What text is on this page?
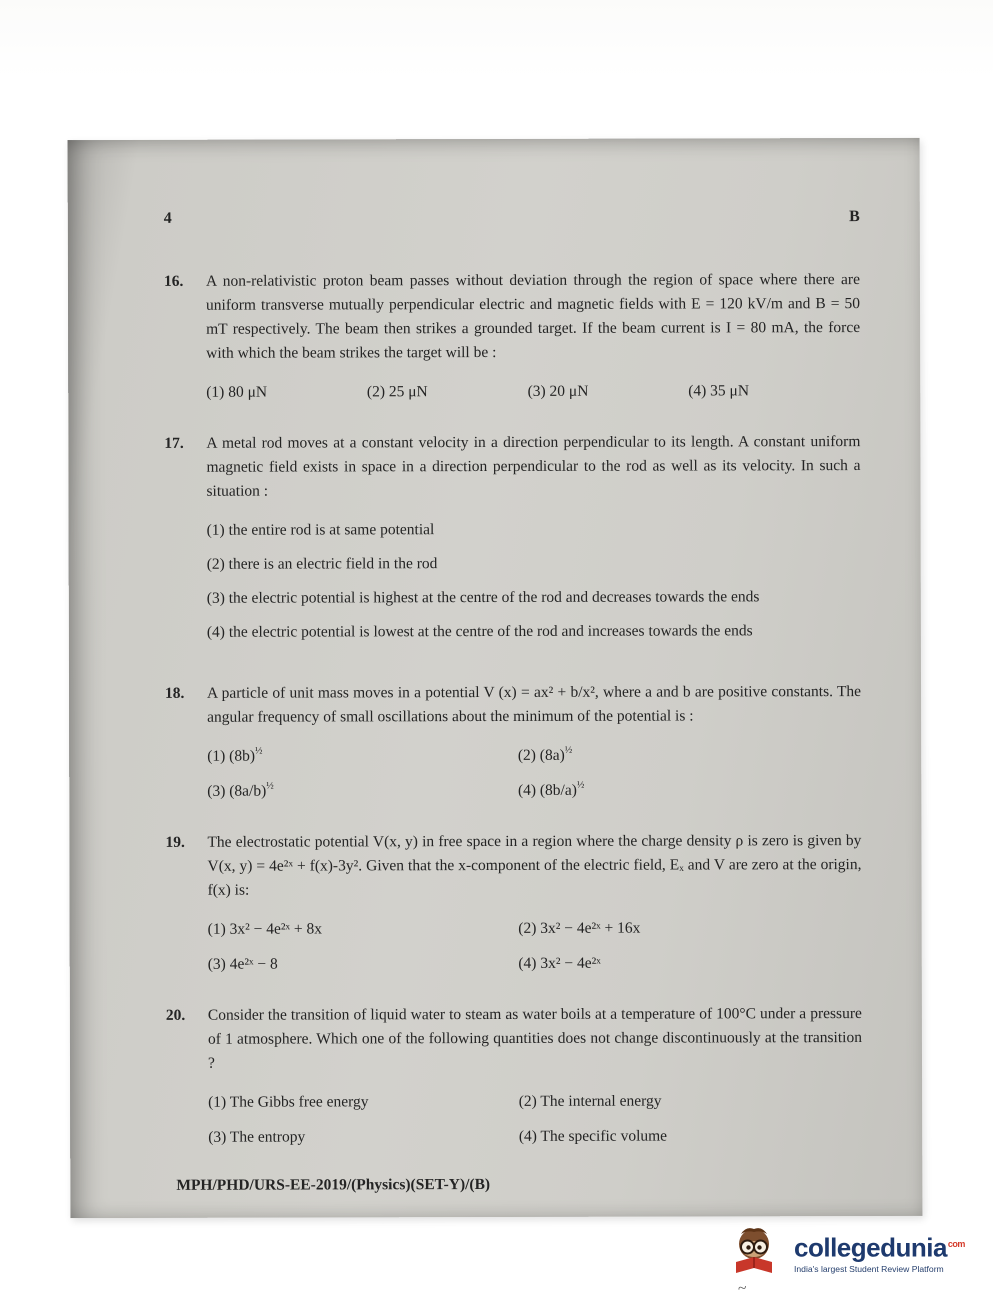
4	B
16.	A non-relativistic proton beam passes without deviation through the region of space where there are uniform transverse mutually perpendicular electric and magnetic fields with E = 120 kV/m and B = 50 mT respectively. The beam then strikes a grounded target. If the beam current is I = 80 mA, the force with which the beam strikes the target will be :

(1) 80 μN	(2) 25 μN	(3) 20 μN	(4) 35 μN
17.	A metal rod moves at a constant velocity in a direction perpendicular to its length. A constant uniform magnetic field exists in space in a direction perpendicular to the rod as well as its velocity. In such a situation :

(1) the entire rod is at same potential
(2) there is an electric field in the rod
(3) the electric potential is highest at the centre of the rod and decreases towards the ends
(4) the electric potential is lowest at the centre of the rod and increases towards the ends
18.	A particle of unit mass moves in a potential V (x) = ax² + b/x², where a and b are positive constants. The angular frequency of small oscillations about the minimum of the potential is :

(1) $(8b)^{\frac{1}{2}}$	(2) $(8a)^{\frac{1}{2}}$
(3) $(8a/b)^{\frac{1}{2}}$	(4) $(8b/a)^{\frac{1}{2}}$
19.	The electrostatic potential V(x, y) in free space in a region where the charge density ρ is zero is given by V(x, y) = 4e²ˣ + f(x)-3y². Given that the x-component of the electric field, Eₓ and V are zero at the origin, f(x) is:

(1) 3x² − 4e²ˣ + 8x	(2) 3x² − 4e²ˣ + 16x
(3) 4e²ˣ − 8	(4) 3x² − 4e²ˣ
20.	Consider the transition of liquid water to steam as water boils at a temperature of 100°C under a pressure of 1 atmosphere. Which one of the following quantities does not change discontinuously at the transition ?

(1) The Gibbs free energy	(2) The internal energy
(3) The entropy	(4) The specific volume
MPH/PHD/URS-EE-2019/(Physics)(SET-Y)/(B)
collegedunia$^{com}$
India's largest Student Review Platform
~
